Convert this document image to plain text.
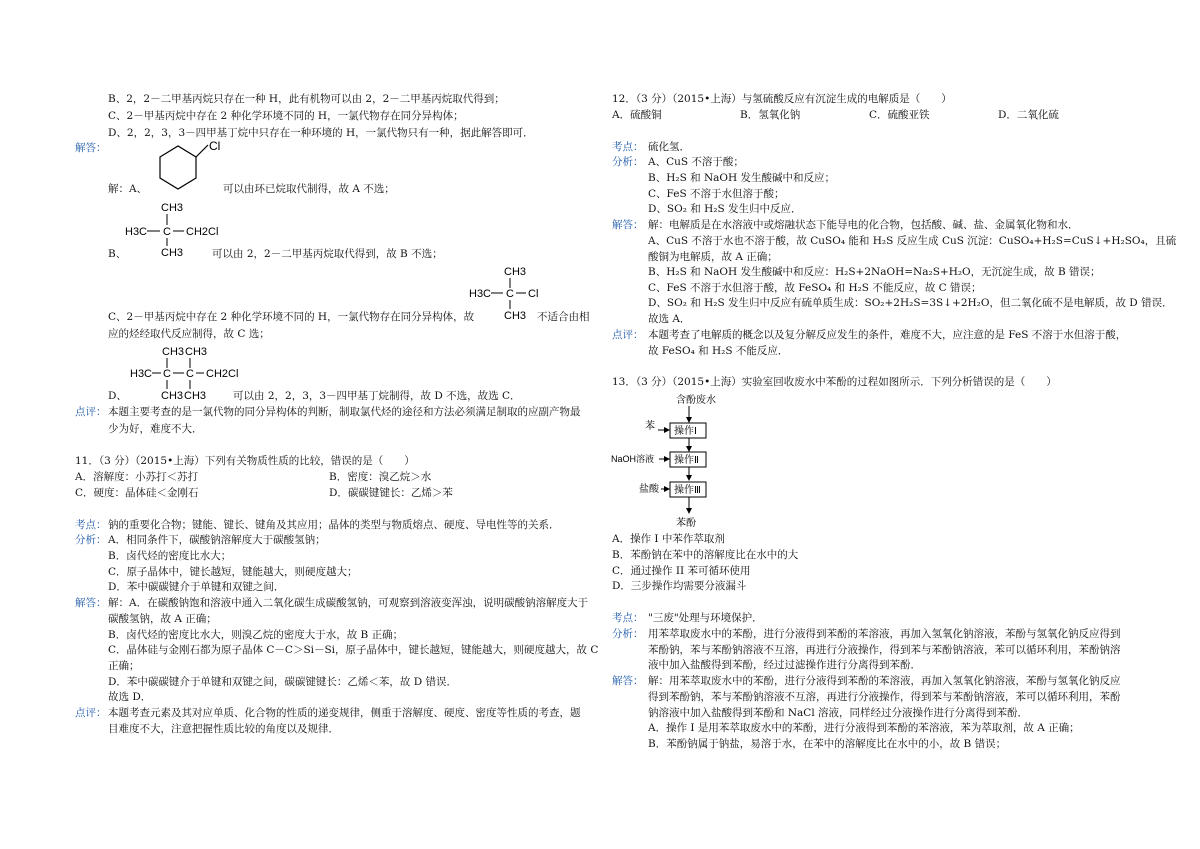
B、2，2－二甲基丙烷只存在一种 H，此有机物可以由 2，2－二甲基丙烷取代得到；
C、2－甲基丙烷中存在 2 种化学环境不同的 H，一氯代物存在同分异构体；
D、2，2，3，3－四甲基丁烷中只存在一种环境的 H，一氯代物只有一种，据此解答即可．
解答：	Cl
解：A、	可以由环已烷取代制得，故 A 不选；
CH3
H3C C CH2Cl
CH3
B、	可以由 2，2－二甲基丙烷取代得到，故 B 不选；
CH3
H3C C Cl
CH3
C、2－甲基丙烷中存在 2 种化学环境不同的 H，一氯代物存在同分异构体，故	不适合由相
应的烃经取代反应制得，故 C 选；
CH3 CH3
H3C C C CH2Cl
CH3 CH3
D、	可以由 2，2，3，3－四甲基丁烷制得，故 D 不选，故选 C．
点评： 本题主要考查的是一氯代物的同分异构体的判断，制取氯代烃的途径和方法必须满足制取的应副产物最
少为好，难度不大．
11．（3 分）（2015•上海）下列有关物质性质的比较，错误的是（　　）
A．溶解度：小苏打＜苏打	B．密度：溴乙烷＞水
C．硬度：晶体硅＜金刚石	D．碳碳键键长：乙烯＞苯
考点： 钠的重要化合物；键能、键长、键角及其应用；晶体的类型与物质熔点、硬度、导电性等的关系．
分析： A．相同条件下，碳酸钠溶解度大于碳酸氢钠；
B．卤代烃的密度比水大；
C．原子晶体中，键长越短，键能越大，则硬度越大；
D．苯中碳碳键介于单键和双键之间．
解答： 解：A．在碳酸钠饱和溶液中通入二氧化碳生成碳酸氢钠，可观察到溶液变浑浊，说明碳酸钠溶解度大于
碳酸氢钠，故 A 正确；
B．卤代烃的密度比水大，则溴乙烷的密度大于水，故 B 正确；
C．晶体硅与金刚石都为原子晶体 C－C＞Si－Si，原子晶体中，键长越短，键能越大，则硬度越大，故 C
正确；
D．苯中碳碳键介于单键和双键之间，碳碳键键长：乙烯＜苯，故 D 错误．
故选 D．
点评： 本题考查元素及其对应单质、化合物的性质的递变规律，侧重于溶解度、硬度、密度等性质的考查，题
目难度不大，注意把握性质比较的角度以及规律．
12．（3 分）（2015•上海）与氢硫酸反应有沉淀生成的电解质是（　　）
A．硫酸铜	B．氢氧化钠	C．硫酸亚铁	D．二氧化硫
考点： 硫化氢．
分析： A、CuS 不溶于酸；
B、H₂S 和 NaOH 发生酸碱中和反应；
C、FeS 不溶于水但溶于酸；
D、SO₂ 和 H₂S 发生归中反应．
解答： 解：电解质是在水溶液中或熔融状态下能导电的化合物，包括酸、碱、盐、金属氧化物和水．
A、CuS 不溶于水也不溶于酸，故 CuSO₄ 能和 H₂S 反应生成 CuS 沉淀：CuSO₄+H₂S=CuS↓+H₂SO₄，且硫
酸铜为电解质，故 A 正确；
B、H₂S 和 NaOH 发生酸碱中和反应：H₂S+2NaOH=Na₂S+H₂O，无沉淀生成，故 B 错误；
C、FeS 不溶于水但溶于酸，故 FeSO₄ 和 H₂S 不能反应，故 C 错误；
D、SO₂ 和 H₂S 发生归中反应有硫单质生成：SO₂+2H₂S=3S↓+2H₂O，但二氧化硫不是电解质，故 D 错误．
故选 A．
点评： 本题考查了电解质的概念以及复分解反应发生的条件，难度不大，应注意的是 FeS 不溶于水但溶于酸，
故 FeSO₄ 和 H₂S 不能反应．
13．（3 分）（2015•上海）实验室回收废水中苯酚的过程如图所示．下列分析错误的是（　　）
含酚废水
苯 操作Ⅰ
NaOH溶液 操作Ⅱ
盐酸 操作Ⅲ
苯酚
A．操作 I 中苯作萃取剂
B．苯酚钠在苯中的溶解度比在水中的大
C．通过操作 II 苯可循环使用
D．三步操作均需要分液漏斗
考点： "三废"处理与环境保护．
分析： 用苯萃取废水中的苯酚，进行分液得到苯酚的苯溶液，再加入氢氧化钠溶液，苯酚与氢氧化钠反应得到
苯酚钠，苯与苯酚钠溶液不互溶，再进行分液操作，得到苯与苯酚钠溶液，苯可以循环利用，苯酚钠溶
液中加入盐酸得到苯酚，经过过滤操作进行分离得到苯酚．
解答： 解：用苯萃取废水中的苯酚，进行分液得到苯酚的苯溶液，再加入氢氧化钠溶液，苯酚与氢氧化钠反应
得到苯酚钠，苯与苯酚钠溶液不互溶，再进行分液操作，得到苯与苯酚钠溶液，苯可以循环利用，苯酚
钠溶液中加入盐酸得到苯酚和 NaCl 溶液，同样经过分液操作进行分离得到苯酚．
A．操作 I 是用苯萃取废水中的苯酚，进行分液得到苯酚的苯溶液，苯为萃取剂，故 A 正确；
B．苯酚钠属于钠盐，易溶于水，在苯中的溶解度比在水中的小，故 B 错误；
